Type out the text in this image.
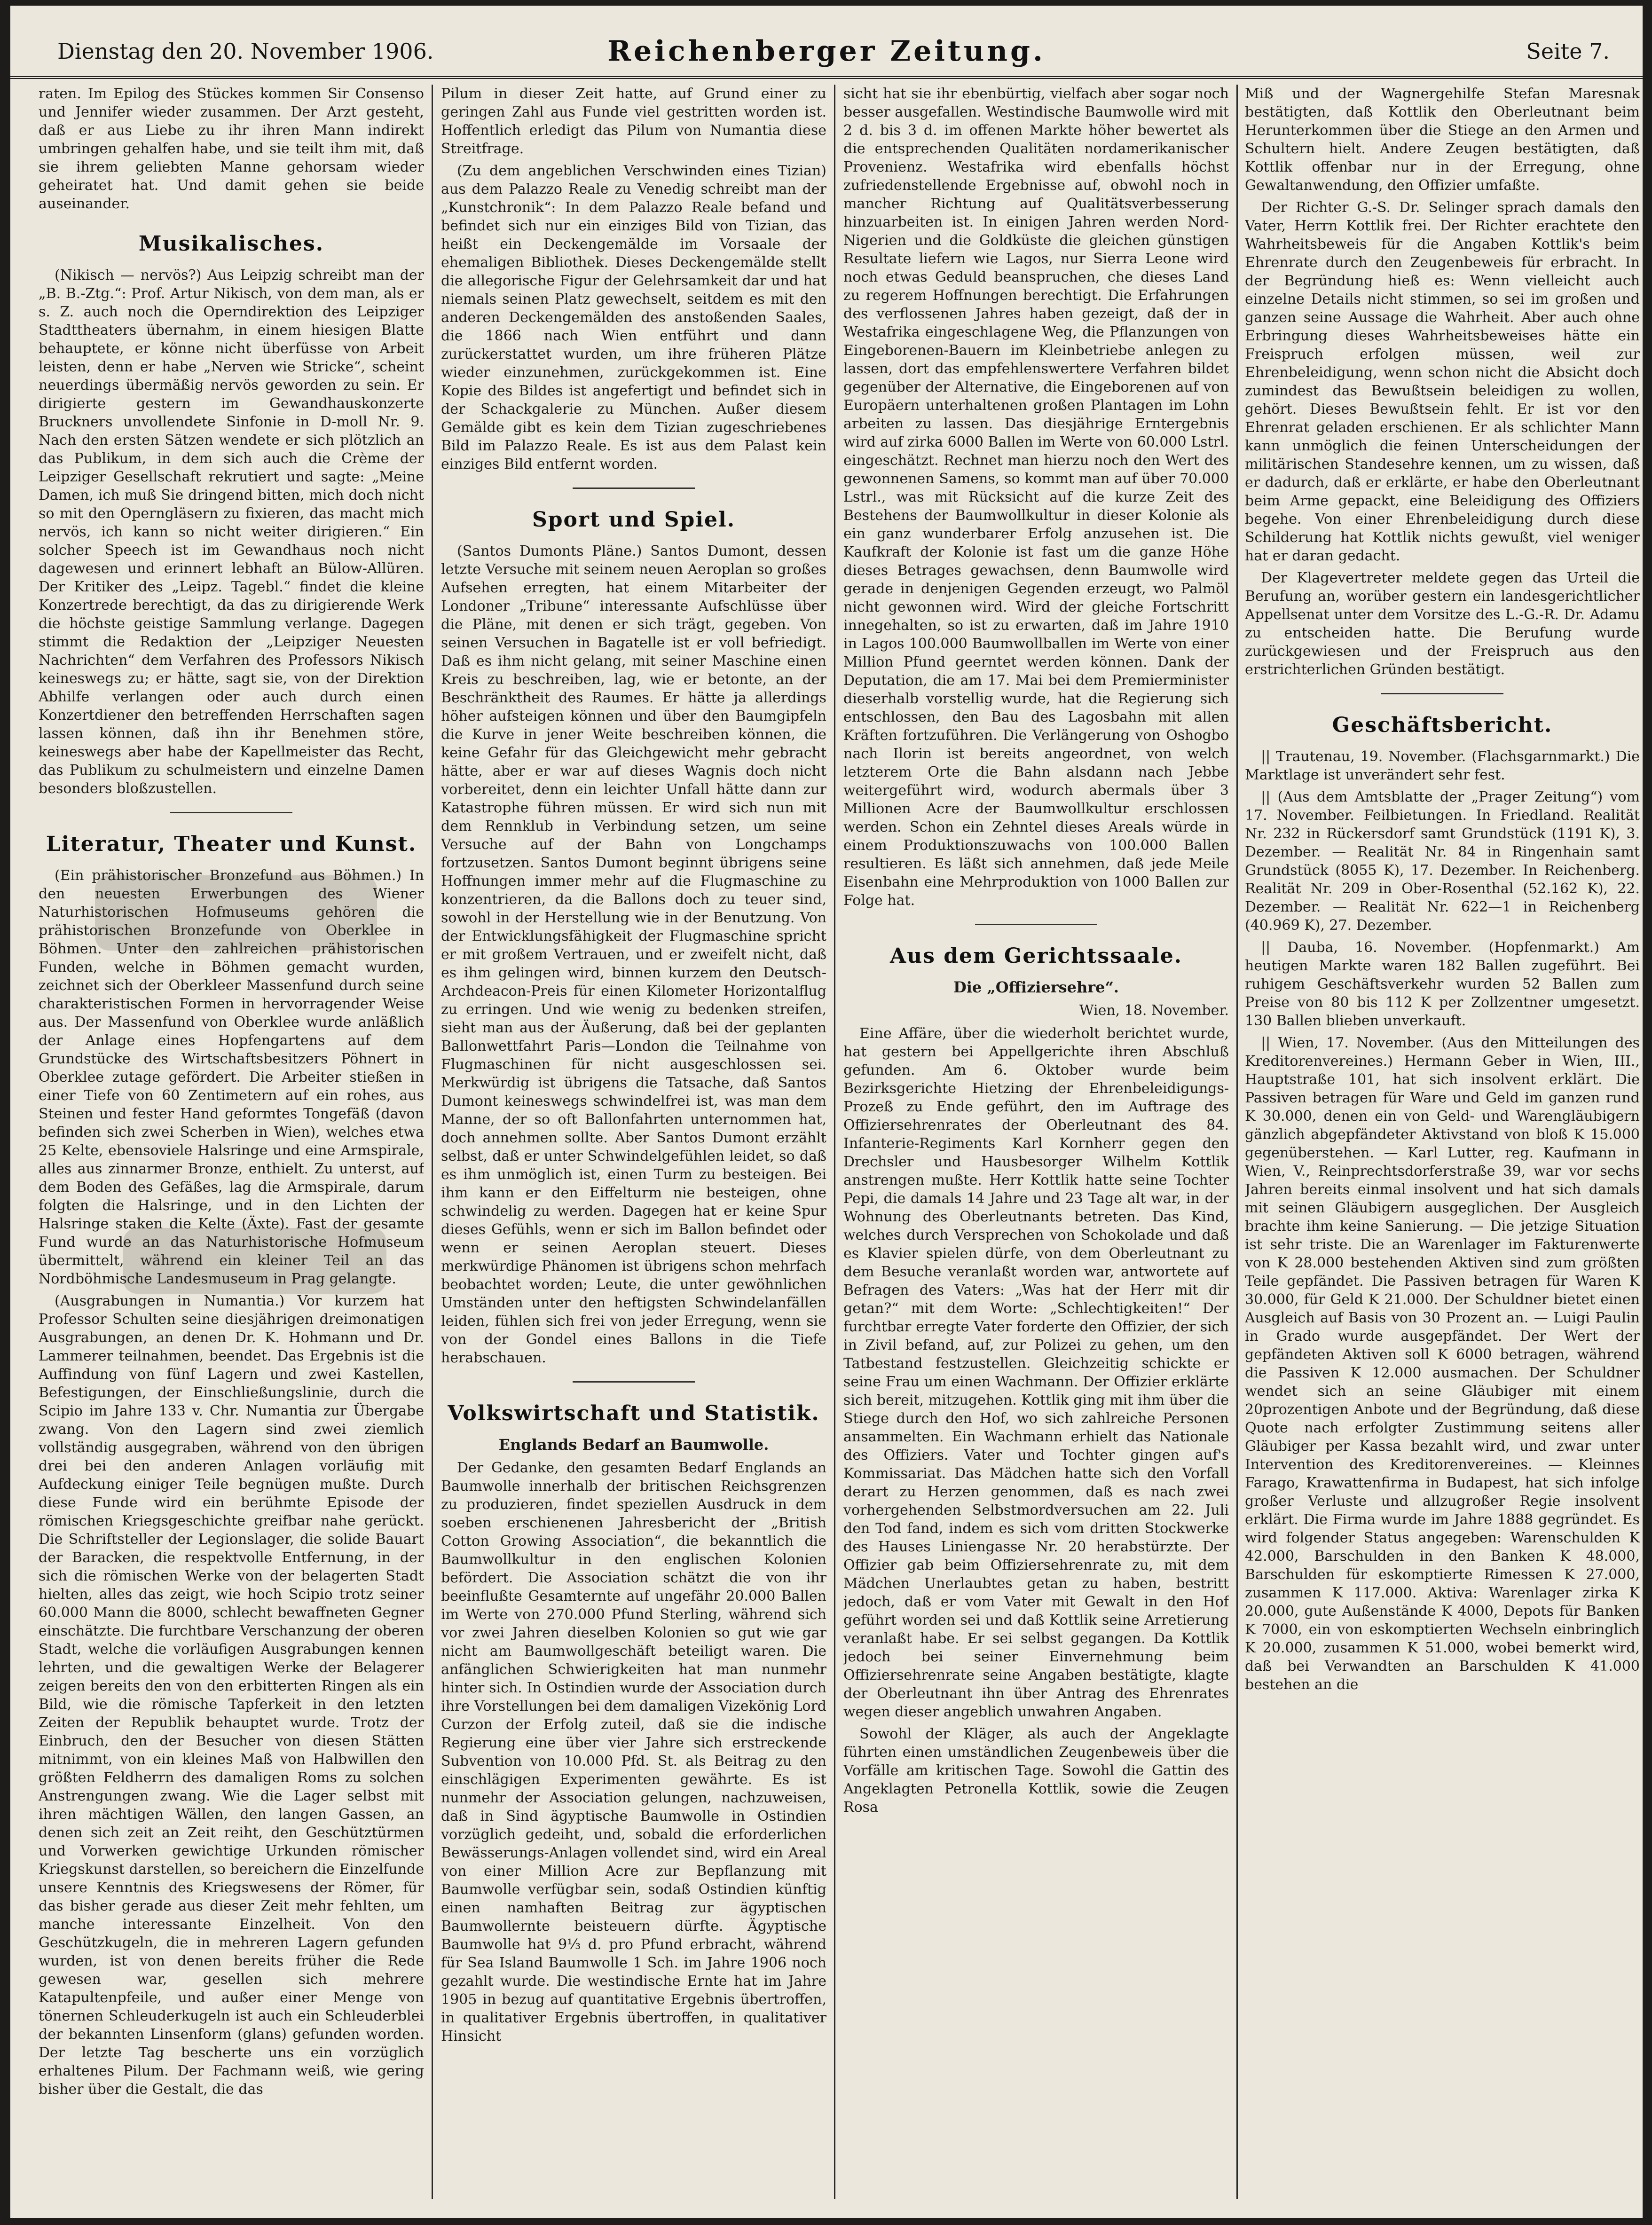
Dienstag den 20. November 1906.	Reichenberger Zeitung.	Seite 7.

raten. Im Epilog des Stückes kommen Sir Consenso und Jennifer wieder zusammen. Der Arzt gesteht, daß er aus Liebe zu ihr ihren Mann indirekt umbringen gehalfen habe, und sie teilt ihm mit, daß sie ihrem geliebten Manne gehorsam wieder geheiratet hat. Und damit gehen sie beide auseinander.

Musikalisches.

(Nikisch — nervös?) Aus Leipzig schreibt man der „B. B.-Ztg.“: Prof. Artur Nikisch, von dem man, als er s. Z. auch noch die Operndirektion des Leipziger Stadttheaters übernahm, in einem hiesigen Blatte behauptete, er könne nicht überfüsse von Arbeit leisten, denn er habe „Nerven wie Stricke“, scheint neuerdings übermäßig nervös geworden zu sein. Er dirigierte gestern im Gewandhauskonzerte Bruckners unvollendete Sinfonie in D-moll Nr. 9. Nach den ersten Sätzen wendete er sich plötzlich an das Publikum, in dem sich auch die Crème der Leipziger Gesellschaft rekrutiert und sagte: „Meine Damen, ich muß Sie dringend bitten, mich doch nicht so mit den Operngläsern zu fixieren, das macht mich nervös, ich kann so nicht weiter dirigieren.“ Ein solcher Speech ist im Gewandhaus noch nicht dagewesen und erinnert lebhaft an Bülow-Allüren. Der Kritiker des „Leipz. Tagebl.“ findet die kleine Konzertrede berechtigt, da das zu dirigierende Werk die höchste geistige Sammlung verlange. Dagegen stimmt die Redaktion der „Leipziger Neuesten Nachrichten“ dem Verfahren des Professors Nikisch keineswegs zu; er hätte, sagt sie, von der Direktion Abhilfe verlangen oder auch durch einen Konzertdiener den betreffenden Herrschaften sagen lassen können, daß ihn ihr Benehmen störe, keineswegs aber habe der Kapellmeister das Recht, das Publikum zu schulmeistern und einzelne Damen besonders bloßzustellen.

Literatur, Theater und Kunst.

(Ein prähistorischer Bronzefund aus Böhmen.) In den neuesten Erwerbungen des Wiener Naturhistorischen Hofmuseums gehören die prähistorischen Bronzefunde von Oberklee in Böhmen. Unter den zahlreichen prähistorischen Funden, welche in Böhmen gemacht wurden, zeichnet sich der Oberkleer Massenfund durch seine charakteristischen Formen in hervorragender Weise aus. Der Massenfund von Oberklee wurde anläßlich der Anlage eines Hopfengartens auf dem Grundstücke des Wirtschaftsbesitzers Pöhnert in Oberklee zutage gefördert. Die Arbeiter stießen in einer Tiefe von 60 Zentimetern auf ein rohes, aus Steinen und fester Hand geformtes Tongefäß (davon befinden sich zwei Scherben in Wien), welches etwa 25 Kelte, ebensoviele Halsringe und eine Armspirale, alles aus zinnarmer Bronze, enthielt. Zu unterst, auf dem Boden des Gefäßes, lag die Armspirale, darum folgten die Halsringe, und in den Lichten der Halsringe staken die Kelte (Äxte). Fast der gesamte Fund wurde an das Naturhistorische Hofmuseum übermittelt, während ein kleiner Teil an das Nordböhmische Landesmuseum in Prag gelangte.

(Ausgrabungen in Numantia.) Vor kurzem hat Professor Schulten seine diesjährigen dreimonatigen Ausgrabungen, an denen Dr. K. Hohmann und Dr. Lammerer teilnahmen, beendet. Das Ergebnis ist die Auffindung von fünf Lagern und zwei Kastellen, Befestigungen, der Einschließungslinie, durch die Scipio im Jahre 133 v. Chr. Numantia zur Übergabe zwang. Von den Lagern sind zwei ziemlich vollständig ausgegraben, während von den übrigen drei bei den anderen Anlagen vorläufig mit Aufdeckung einiger Teile begnügen mußte. Durch diese Funde wird ein berühmte Episode der römischen Kriegsgeschichte greifbar nahe gerückt. Die Schriftsteller der Legionslager, die solide Bauart der Baracken, die respektvolle Entfernung, in der sich die römischen Werke von der belagerten Stadt hielten, alles das zeigt, wie hoch Scipio trotz seiner 60.000 Mann die 8000, schlecht bewaffneten Gegner einschätzte. Die furchtbare Verschanzung der oberen Stadt, welche die vorläufigen Ausgrabungen kennen lehrten, und die gewaltigen Werke der Belagerer zeigen bereits den von den erbitterten Ringen als ein Bild, wie die römische Tapferkeit in den letzten Zeiten der Republik behauptet wurde. Trotz der Einbruch, den der Besucher von diesen Stätten mitnimmt, von ein kleines Maß von Halbwillen den größten Feldherrn des damaligen Roms zu solchen Anstrengungen zwang. Wie die Lager selbst mit ihren mächtigen Wällen, den langen Gassen, an denen sich zeit an Zeit reiht, den Geschütztürmen und Vorwerken gewichtige Urkunden römischer Kriegskunst darstellen, so bereichern die Einzelfunde unsere Kenntnis des Kriegswesens der Römer, für das bisher gerade aus dieser Zeit mehr fehlten, um manche interessante Einzelheit. Von den Geschützkugeln, die in mehreren Lagern gefunden wurden, ist von denen bereits früher die Rede gewesen war, gesellen sich mehrere Katapultenpfeile, und außer einer Menge von tönernen Schleuderkugeln ist auch ein Schleuderblei der bekannten Linsenform (glans) gefunden worden. Der letzte Tag bescherte uns ein vorzüglich erhaltenes Pilum. Der Fachmann weiß, wie gering bisher über die Gestalt, die das

Pilum in dieser Zeit hatte, auf Grund einer zu geringen Zahl aus Funde viel gestritten worden ist. Hoffentlich erledigt das Pilum von Numantia diese Streitfrage.

(Zu dem angeblichen Verschwinden eines Tizian) aus dem Palazzo Reale zu Venedig schreibt man der „Kunstchronik“: In dem Palazzo Reale befand und befindet sich nur ein einziges Bild von Tizian, das heißt ein Deckengemälde im Vorsaale der ehemaligen Bibliothek. Dieses Deckengemälde stellt die allegorische Figur der Gelehrsamkeit dar und hat niemals seinen Platz gewechselt, seitdem es mit den anderen Deckengemälden des anstoßenden Saales, die 1866 nach Wien entführt und dann zurückerstattet wurden, um ihre früheren Plätze wieder einzunehmen, zurückgekommen ist. Eine Kopie des Bildes ist angefertigt und befindet sich in der Schackgalerie zu München. Außer diesem Gemälde gibt es kein dem Tizian zugeschriebenes Bild im Palazzo Reale. Es ist aus dem Palast kein einziges Bild entfernt worden.

Sport und Spiel.

(Santos Dumonts Pläne.) Santos Dumont, dessen letzte Versuche mit seinem neuen Aeroplan so großes Aufsehen erregten, hat einem Mitarbeiter der Londoner „Tribune“ interessante Aufschlüsse über die Pläne, mit denen er sich trägt, gegeben. Von seinen Versuchen in Bagatelle ist er voll befriedigt. Daß es ihm nicht gelang, mit seiner Maschine einen Kreis zu beschreiben, lag, wie er betonte, an der Beschränktheit des Raumes. Er hätte ja allerdings höher aufsteigen können und über den Baumgipfeln die Kurve in jener Weite beschreiben können, die keine Gefahr für das Gleichgewicht mehr gebracht hätte, aber er war auf dieses Wagnis doch nicht vorbereitet, denn ein leichter Unfall hätte dann zur Katastrophe führen müssen. Er wird sich nun mit dem Rennklub in Verbindung setzen, um seine Versuche auf der Bahn von Longchamps fortzusetzen. Santos Dumont beginnt übrigens seine Hoffnungen immer mehr auf die Flugmaschine zu konzentrieren, da die Ballons doch zu teuer sind, sowohl in der Herstellung wie in der Benutzung. Von der Entwicklungsfähigkeit der Flugmaschine spricht er mit großem Vertrauen, und er zweifelt nicht, daß es ihm gelingen wird, binnen kurzem den Deutsch-Archdeacon-Preis für einen Kilometer Horizontalflug zu erringen. Und wie wenig zu bedenken streifen, sieht man aus der Äußerung, daß bei der geplanten Ballonwettfahrt Paris—London die Teilnahme von Flugmaschinen für nicht ausgeschlossen sei. Merkwürdig ist übrigens die Tatsache, daß Santos Dumont keineswegs schwindelfrei ist, was man dem Manne, der so oft Ballonfahrten unternommen hat, doch annehmen sollte. Aber Santos Dumont erzählt selbst, daß er unter Schwindelgefühlen leidet, so daß es ihm unmöglich ist, einen Turm zu besteigen. Bei ihm kann er den Eiffelturm nie besteigen, ohne schwindelig zu werden. Dagegen hat er keine Spur dieses Gefühls, wenn er sich im Ballon befindet oder wenn er seinen Aeroplan steuert. Dieses merkwürdige Phänomen ist übrigens schon mehrfach beobachtet worden; Leute, die unter gewöhnlichen Umständen unter den heftigsten Schwindelanfällen leiden, fühlen sich frei von jeder Erregung, wenn sie von der Gondel eines Ballons in die Tiefe herabschauen.

Volkswirtschaft und Statistik.
Englands Bedarf an Baumwolle.

Der Gedanke, den gesamten Bedarf Englands an Baumwolle innerhalb der britischen Reichsgrenzen zu produzieren, findet speziellen Ausdruck in dem soeben erschienenen Jahresbericht der „British Cotton Growing Association“, die bekanntlich die Baumwollkultur in den englischen Kolonien befördert. Die Association schätzt die von ihr beeinflußte Gesamternte auf ungefähr 20.000 Ballen im Werte von 270.000 Pfund Sterling, während sich vor zwei Jahren dieselben Kolonien so gut wie gar nicht am Baumwollgeschäft beteiligt waren. Die anfänglichen Schwierigkeiten hat man nunmehr hinter sich. In Ostindien wurde der Association durch ihre Vorstellungen bei dem damaligen Vizekönig Lord Curzon der Erfolg zuteil, daß sie die indische Regierung eine über vier Jahre sich erstreckende Subvention von 10.000 Pfd. St. als Beitrag zu den einschlägigen Experimenten gewährte. Es ist nunmehr der Association gelungen, nachzuweisen, daß in Sind ägyptische Baumwolle in Ostindien vorzüglich gedeiht, und, sobald die erforderlichen Bewässerungs-Anlagen vollendet sind, wird ein Areal von einer Million Acre zur Bepflanzung mit Baumwolle verfügbar sein, sodaß Ostindien künftig einen namhaften Beitrag zur ägyptischen Baumwollernte beisteuern dürfte. Ägyptische Baumwolle hat 9⅓ d. pro Pfund erbracht, während für Sea Island Baumwolle 1 Sch. im Jahre 1906 noch gezahlt wurde. Die westindische Ernte hat im Jahre 1905 in bezug auf quantitative Ergebnis übertroffen, in qualitativer Ergebnis übertroffen, in qualitativer Hinsicht

sicht hat sie ihr ebenbürtig, vielfach aber sogar noch besser ausgefallen. Westindische Baumwolle wird mit 2 d. bis 3 d. im offenen Markte höher bewertet als die entsprechenden Qualitäten nordamerikanischer Provenienz. Westafrika wird ebenfalls höchst zufriedenstellende Ergebnisse auf, obwohl noch in mancher Richtung auf Qualitätsverbesserung hinzuarbeiten ist. In einigen Jahren werden Nord-Nigerien und die Goldküste die gleichen günstigen Resultate liefern wie Lagos, nur Sierra Leone wird noch etwas Geduld beanspruchen, che dieses Land zu regerem Hoffnungen berechtigt. Die Erfahrungen des verflossenen Jahres haben gezeigt, daß der in Westafrika eingeschlagene Weg, die Pflanzungen von Eingeborenen-Bauern im Kleinbetriebe anlegen zu lassen, dort das empfehlenswertere Verfahren bildet gegenüber der Alternative, die Eingeborenen auf von Europäern unterhaltenen großen Plantagen im Lohn arbeiten zu lassen. Das diesjährige Erntergebnis wird auf zirka 6000 Ballen im Werte von 60.000 Lstrl. eingeschätzt. Rechnet man hierzu noch den Wert des gewonnenen Samens, so kommt man auf über 70.000 Lstrl., was mit Rücksicht auf die kurze Zeit des Bestehens der Baumwollkultur in dieser Kolonie als ein ganz wunderbarer Erfolg anzusehen ist. Die Kaufkraft der Kolonie ist fast um die ganze Höhe dieses Betrages gewachsen, denn Baumwolle wird gerade in denjenigen Gegenden erzeugt, wo Palmöl nicht gewonnen wird. Wird der gleiche Fortschritt innegehalten, so ist zu erwarten, daß im Jahre 1910 in Lagos 100.000 Baumwollballen im Werte von einer Million Pfund geerntet werden können. Dank der Deputation, die am 17. Mai bei dem Premierminister dieserhalb vorstellig wurde, hat die Regierung sich entschlossen, den Bau des Lagosbahn mit allen Kräften fortzuführen. Die Verlängerung von Oshogbo nach Ilorin ist bereits angeordnet, von welch letzterem Orte die Bahn alsdann nach Jebbe weitergeführt wird, wodurch abermals über 3 Millionen Acre der Baumwollkultur erschlossen werden. Schon ein Zehntel dieses Areals würde in einem Produktionszuwachs von 100.000 Ballen resultieren. Es läßt sich annehmen, daß jede Meile Eisenbahn eine Mehrproduktion von 1000 Ballen zur Folge hat.

Aus dem Gerichtssaale.
Die „Offiziersehre“.
Wien, 18. November.

Eine Affäre, über die wiederholt berichtet wurde, hat gestern bei Appellgerichte ihren Abschluß gefunden. Am 6. Oktober wurde beim Bezirksgerichte Hietzing der Ehrenbeleidigungs-Prozeß zu Ende geführt, den im Auftrage des Offiziersehrenrates der Oberleutnant des 84. Infanterie-Regiments Karl Kornherr gegen den Drechsler und Hausbesorger Wilhelm Kottlik anstrengen mußte. Herr Kottlik hatte seine Tochter Pepi, die damals 14 Jahre und 23 Tage alt war, in der Wohnung des Oberleutnants betreten. Das Kind, welches durch Versprechen von Schokolade und daß es Klavier spielen dürfe, von dem Oberleutnant zu dem Besuche veranlaßt worden war, antwortete auf Befragen des Vaters: „Was hat der Herr mit dir getan?“ mit dem Worte: „Schlechtigkeiten!“ Der furchtbar erregte Vater forderte den Offizier, der sich in Zivil befand, auf, zur Polizei zu gehen, um den Tatbestand festzustellen. Gleichzeitig schickte er seine Frau um einen Wachmann. Der Offizier erklärte sich bereit, mitzugehen. Kottlik ging mit ihm über die Stiege durch den Hof, wo sich zahlreiche Personen ansammelten. Ein Wachmann erhielt das Nationale des Offiziers. Vater und Tochter gingen auf's Kommissariat. Das Mädchen hatte sich den Vorfall derart zu Herzen genommen, daß es nach zwei vorhergehenden Selbstmordversuchen am 22. Juli den Tod fand, indem es sich vom dritten Stockwerke des Hauses Liniengasse Nr. 20 herabstürzte. Der Offizier gab beim Offiziersehrenrate zu, mit dem Mädchen Unerlaubtes getan zu haben, bestritt jedoch, daß er vom Vater mit Gewalt in den Hof geführt worden sei und daß Kottlik seine Arretierung veranlaßt habe. Er sei selbst gegangen. Da Kottlik jedoch bei seiner Einvernehmung beim Offiziersehrenrate seine Angaben bestätigte, klagte der Oberleutnant ihn über Antrag des Ehrenrates wegen dieser angeblich unwahren Angaben.

Sowohl der Kläger, als auch der Angeklagte führten einen umständlichen Zeugenbeweis über die Vorfälle am kritischen Tage. Sowohl die Gattin des Angeklagten Petronella Kottlik, sowie die Zeugen Rosa

Miß und der Wagnergehilfe Stefan Maresnak bestätigten, daß Kottlik den Oberleutnant beim Herunterkommen über die Stiege an den Armen und Schultern hielt. Andere Zeugen bestätigten, daß Kottlik offenbar nur in der Erregung, ohne Gewaltanwendung, den Offizier umfaßte.

Der Richter G.-S. Dr. Selinger sprach damals den Vater, Herrn Kottlik frei. Der Richter erachtete den Wahrheitsbeweis für die Angaben Kottlik's beim Ehrenrate durch den Zeugenbeweis für erbracht. In der Begründung hieß es: Wenn vielleicht auch einzelne Details nicht stimmen, so sei im großen und ganzen seine Aussage die Wahrheit. Aber auch ohne Erbringung dieses Wahrheitsbeweises hätte ein Freispruch erfolgen müssen, weil zur Ehrenbeleidigung, wenn schon nicht die Absicht doch zumindest das Bewußtsein beleidigen zu wollen, gehört. Dieses Bewußtsein fehlt. Er ist vor den Ehrenrat geladen erschienen. Er als schlichter Mann kann unmöglich die feinen Unterscheidungen der militärischen Standesehre kennen, um zu wissen, daß er dadurch, daß er erklärte, er habe den Oberleutnant beim Arme gepackt, eine Beleidigung des Offiziers begehe. Von einer Ehrenbeleidigung durch diese Schilderung hat Kottlik nichts gewußt, viel weniger hat er daran gedacht.

Der Klagevertreter meldete gegen das Urteil die Berufung an, worüber gestern ein landesgerichtlicher Appellsenat unter dem Vorsitze des L.-G.-R. Dr. Adamu zu entscheiden hatte. Die Berufung wurde zurückgewiesen und der Freispruch aus den erstrichterlichen Gründen bestätigt.

Geschäftsbericht.

|| Trautenau, 19. November. (Flachsgarnmarkt.) Die Marktlage ist unverändert sehr fest.

|| (Aus dem Amtsblatte der „Prager Zeitung“) vom 17. November. Feilbietungen. In Friedland. Realität Nr. 232 in Rückersdorf samt Grundstück (1191 K), 3. Dezember. — Realität Nr. 84 in Ringenhain samt Grundstück (8055 K), 17. Dezember. In Reichenberg. Realität Nr. 209 in Ober-Rosenthal (52.162 K), 22. Dezember. — Realität Nr. 622—1 in Reichenberg (40.969 K), 27. Dezember.

|| Dauba, 16. November. (Hopfenmarkt.) Am heutigen Markte waren 182 Ballen zugeführt. Bei ruhigem Geschäftsverkehr wurden 52 Ballen zum Preise von 80 bis 112 K per Zollzentner umgesetzt. 130 Ballen blieben unverkauft.

|| Wien, 17. November. (Aus den Mitteilungen des Kreditorenvereines.) Hermann Geber in Wien, III., Hauptstraße 101, hat sich insolvent erklärt. Die Passiven betragen für Ware und Geld im ganzen rund K 30.000, denen ein von Geld- und Warengläubigern gänzlich abgepfändeter Aktivstand von bloß K 15.000 gegenüberstehen. — Karl Lutter, reg. Kaufmann in Wien, V., Reinprechtsdorferstraße 39, war vor sechs Jahren bereits einmal insolvent und hat sich damals mit seinen Gläubigern ausgeglichen. Der Ausgleich brachte ihm keine Sanierung. — Die jetzige Situation ist sehr triste. Die an Warenlager im Fakturenwerte von K 28.000 bestehenden Aktiven sind zum größten Teile gepfändet. Die Passiven betragen für Waren K 30.000, für Geld K 21.000. Der Schuldner bietet einen Ausgleich auf Basis von 30 Prozent an. — Luigi Paulin in Grado wurde ausgepfändet. Der Wert der gepfändeten Aktiven soll K 6000 betragen, während die Passiven K 12.000 ausmachen. Der Schuldner wendet sich an seine Gläubiger mit einem 20prozentigen Anbote und der Begründung, daß diese Quote nach erfolgter Zustimmung seitens aller Gläubiger per Kassa bezahlt wird, und zwar unter Intervention des Kreditorenvereines. — Kleinnes Farago, Krawattenfirma in Budapest, hat sich infolge großer Verluste und allzugroßer Regie insolvent erklärt. Die Firma wurde im Jahre 1888 gegründet. Es wird folgender Status angegeben: Warenschulden K 42.000, Barschulden in den Banken K 48.000, Barschulden für eskomptierte Rimessen K 27.000, zusammen K 117.000. Aktiva: Warenlager zirka K 20.000, gute Außenstände K 4000, Depots für Banken K 7000, ein von eskomptierten Wechseln einbringlich K 20.000, zusammen K 51.000, wobei bemerkt wird, daß bei Verwandten an Barschulden K 41.000 bestehen an die
